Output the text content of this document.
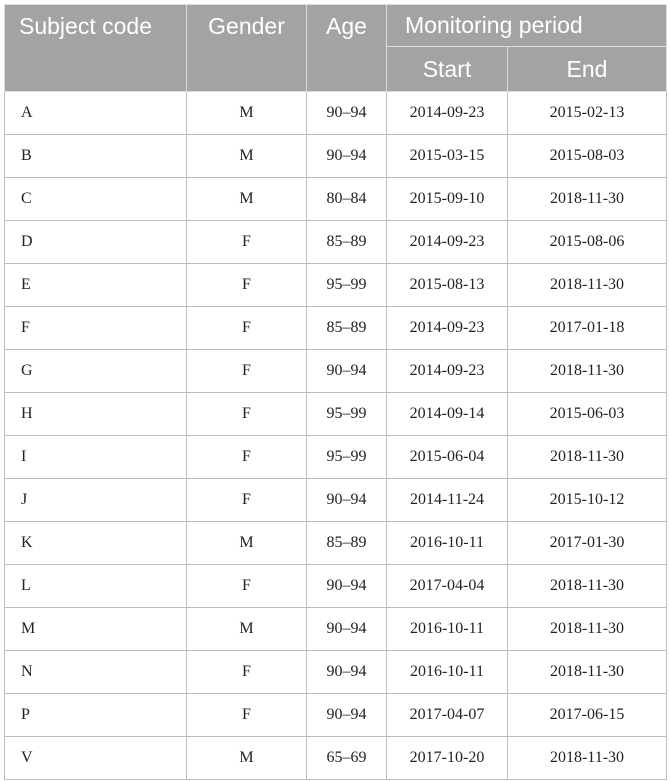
Subject code	Gender	Age	Monitoring period	
			Start	End
A	M	90–94	2014-09-23	2015-02-13
B	M	90–94	2015-03-15	2015-08-03
C	M	80–84	2015-09-10	2018-11-30
D	F	85–89	2014-09-23	2015-08-06
E	F	95–99	2015-08-13	2018-11-30
F	F	85–89	2014-09-23	2017-01-18
G	F	90–94	2014-09-23	2018-11-30
H	F	95–99	2014-09-14	2015-06-03
I	F	95–99	2015-06-04	2018-11-30
J	F	90–94	2014-11-24	2015-10-12
K	M	85–89	2016-10-11	2017-01-30
L	F	90–94	2017-04-04	2018-11-30
M	M	90–94	2016-10-11	2018-11-30
N	F	90–94	2016-10-11	2018-11-30
P	F	90–94	2017-04-07	2017-06-15
V	M	65–69	2017-10-20	2018-11-30
